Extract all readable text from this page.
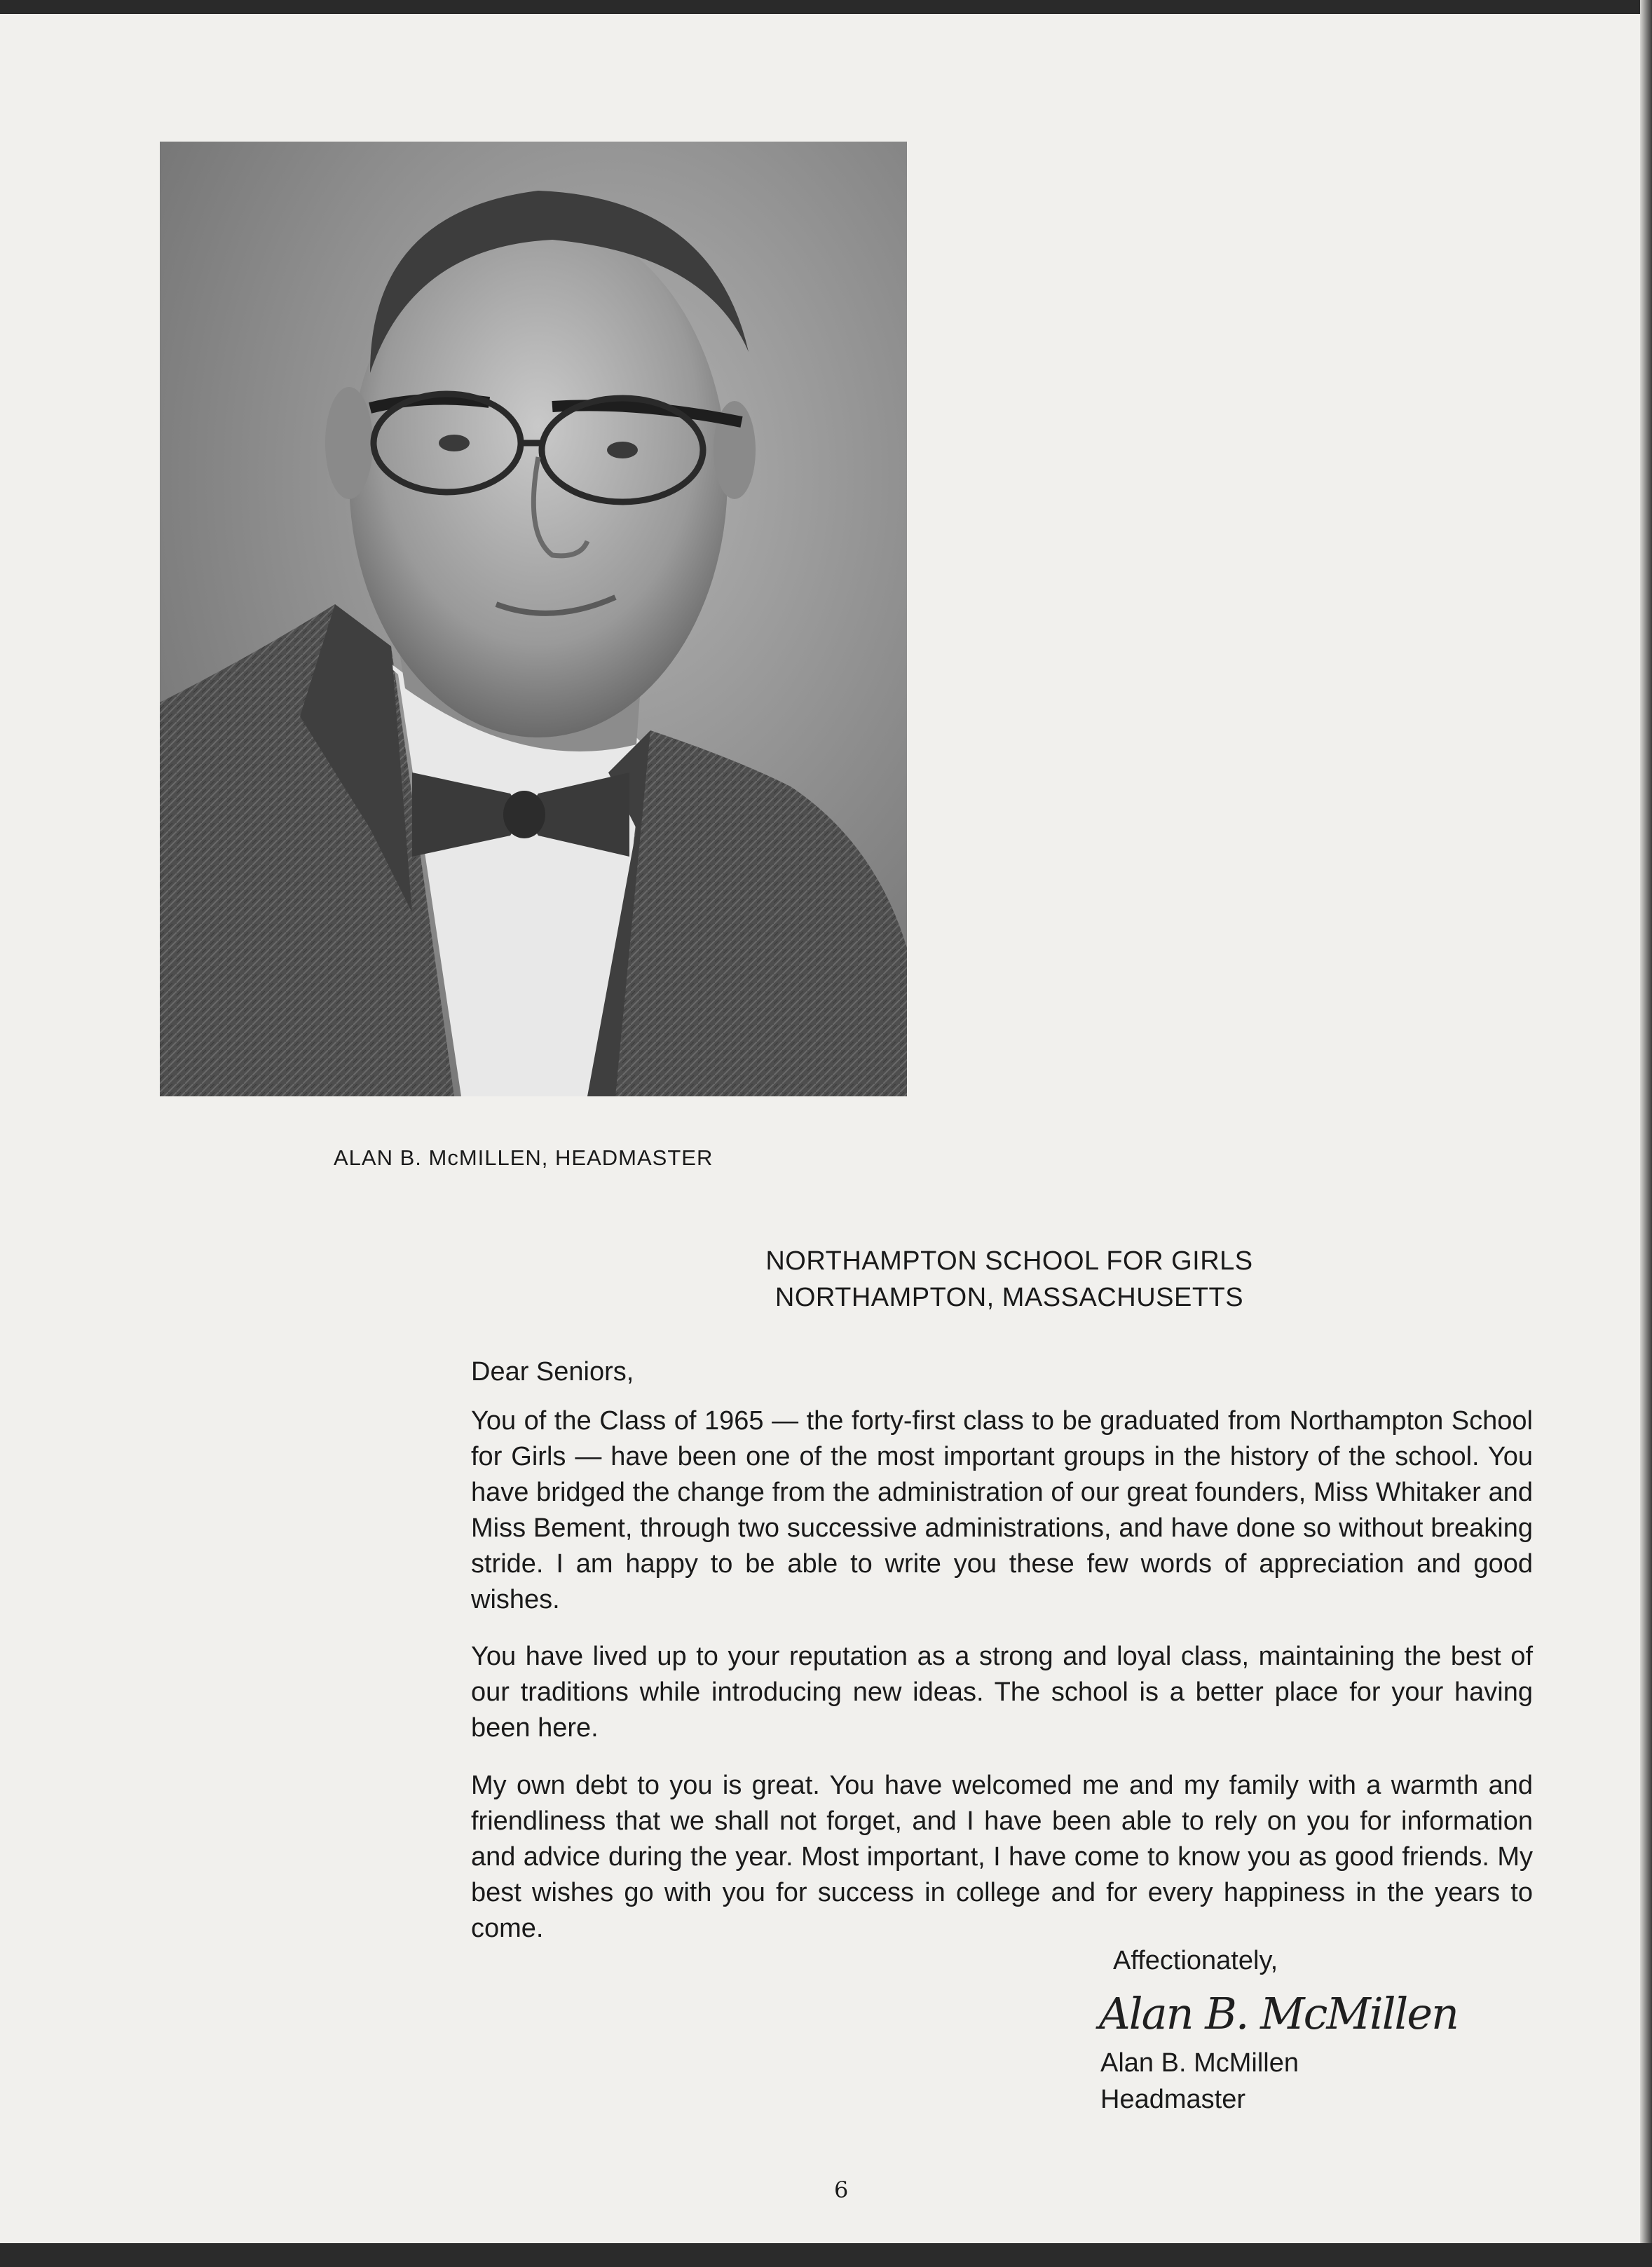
ALAN B. McMILLEN, HEADMASTER
NORTHAMPTON SCHOOL FOR GIRLS
NORTHAMPTON, MASSACHUSETTS
Dear Seniors,

You of the Class of 1965 — the forty-first class to be graduated from Northampton School for Girls — have been one of the most important groups in the history of the school. You have bridged the change from the administration of our great founders, Miss Whitaker and Miss Bement, through two successive administrations, and have done so without breaking stride. I am happy to be able to write you these few words of appreciation and good wishes.

You have lived up to your reputation as a strong and loyal class, maintaining the best of our traditions while introducing new ideas. The school is a better place for your having been here.

My own debt to you is great. You have welcomed me and my family with a warmth and friendliness that we shall not forget, and I have been able to rely on you for information and advice during the year. Most important, I have come to know you as good friends. My best wishes go with you for success in college and for every happiness in the years to come.

Affectionately,
Alan B. McMillen
Alan B. McMillen
Headmaster
6
